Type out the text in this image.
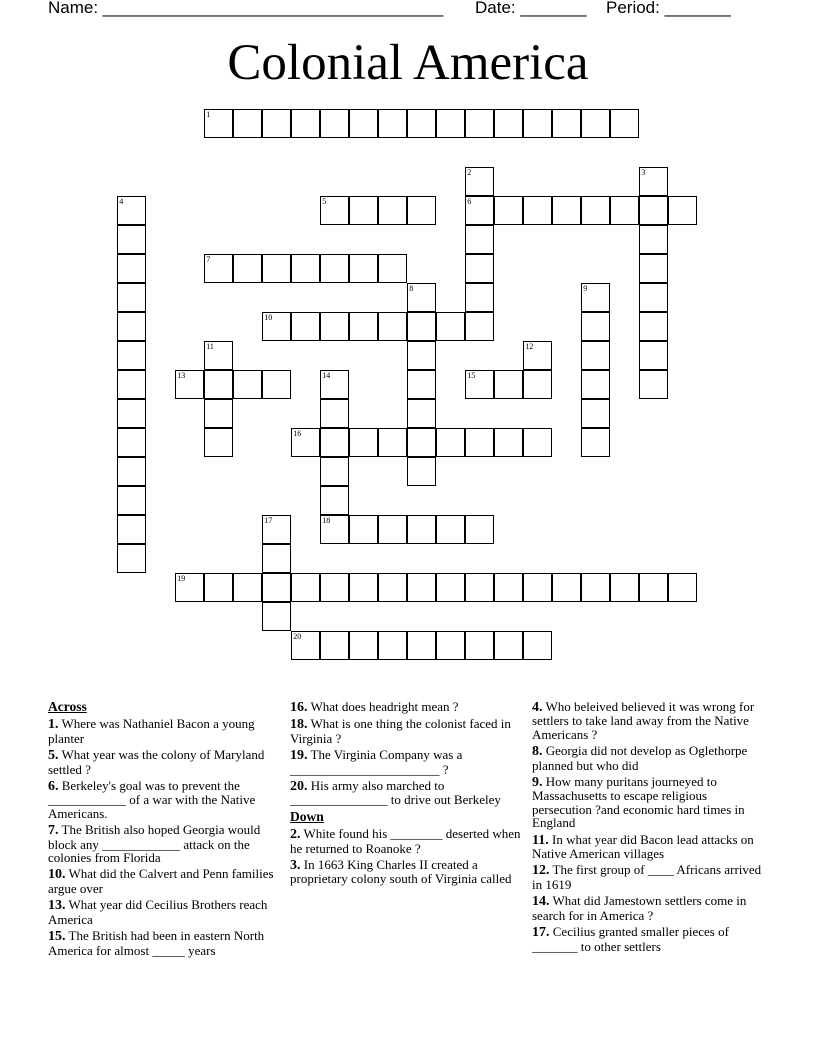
Name: ____________________________________ Date: _______ Period: _______
Colonial America
1
2
6
3
4	5
7
8	9
10
11	12
13	14
18
15
16
17
19
20
Across
1. Where was Nathaniel Bacon a young planter
5. What year was the colony of Maryland settled ?
6. Berkeley's goal was to prevent the ____________ of a war with the Native Americans.
7. The British also hoped Georgia would block any ____________ attack on the colonies from Florida
10. What did the Calvert and Penn families argue over
13. What year did Cecilius Brothers reach America
15. The British had been in eastern North America for almost _____ years
16. What does headright mean ?
18. What is one thing the colonist faced in Virginia ?
19. The Virginia Company was a _______________________ ?
20. His army also marched to _______________ to drive out Berkeley
Down
2. White found his ________ deserted when he returned to Roanoke ?
3. In 1663 King Charles II created a proprietary colony south of Virginia called
4. Who beleived believed it was wrong for settlers to take land away from the Native Americans ?
8. Georgia did not develop as Oglethorpe planned but who did
9. How many puritans journeyed to Massachusetts to escape religious persecution ?and economic hard times in England
11. In what year did Bacon lead attacks on Native American villages
12. The first group of ____ Africans arrived in 1619
14. What did Jamestown settlers come in search for in America ?
17. Cecilius granted smaller pieces of _______ to other settlers
